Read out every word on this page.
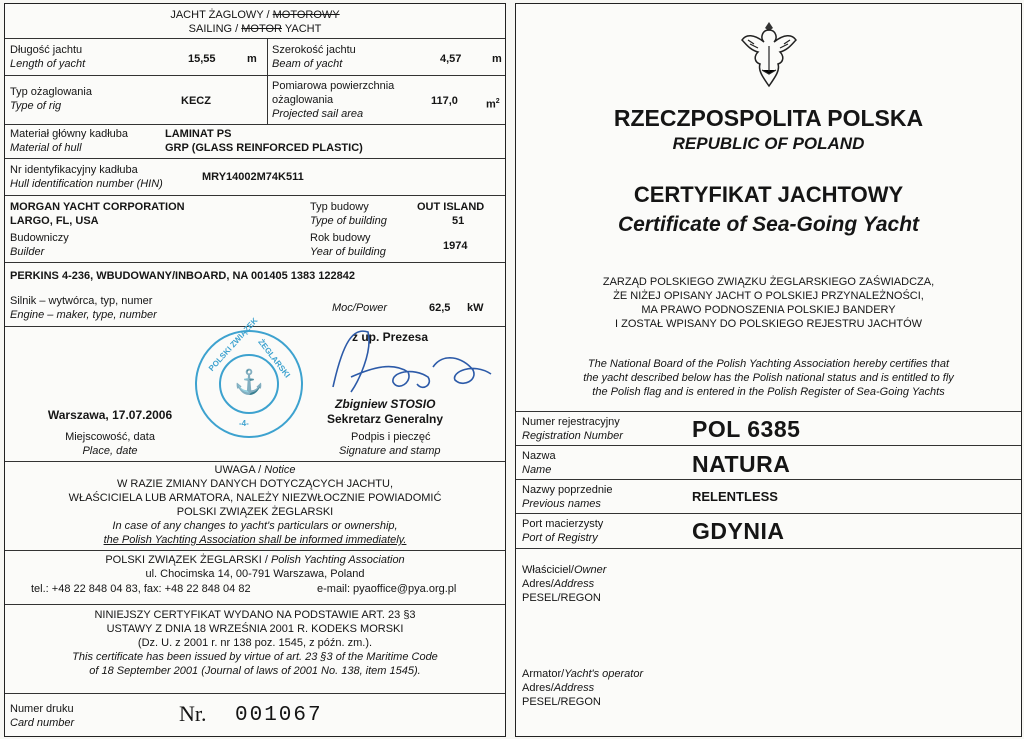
JACHT ŻAGLOWY / MOTOROWY
SAILING / MOTOR YACHT
Długość jachtu
Length of yacht	15,55	m
Szerokość jachtu
Beam of yacht	4,57	m
Typ ożaglowania
Type of rig	KECZ
Pomiarowa powierzchnia
ożaglowania
Projected sail area
117,0	$m^2$
Materiał główny kadłuba
Material of hull
LAMINAT PS
GRP (GLASS REINFORCED PLASTIC)
Nr identyfikacyjny kadłuba
Hull identification number (HIN)
MRY14002M74K511
MORGAN YACHT CORPORATION
LARGO, FL, USA
Budowniczy
Builder
Typ budowy
Type of building
OUT ISLAND
51
Rok budowy
Year of building	1974
PERKINS 4-236, WBUDOWANY/INBOARD, NA 001405 1383 122842
Silnik – wytwórca, typ, numer
Engine – maker, type, number
Moc/Power	62,5 kW
Warszawa, 17.07.2006
Miejscowość, data
Place, date
z up. Prezesa
Zbigniew STOSIO
Sekretarz Generalny
Podpis i pieczęć
Signature and stamp
POLSKI ZWIĄZEK
ŻEGLARSKI
-4-
⚓
UWAGA / Notice
W RAZIE ZMIANY DANYCH DOTYCZĄCYCH JACHTU,
WŁAŚCICIELA LUB ARMATORA, NALEŻY NIEZWŁOCZNIE POWIADOMIĆ
POLSKI ZWIĄZEK ŻEGLARSKI
In case of any changes to yacht's particulars or ownership,
the Polish Yachting Association shall be informed immediately.
POLSKI ZWIĄZEK ŻEGLARSKI / Polish Yachting Association
ul. Chocimska 14, 00-791 Warszawa, Poland
tel.: +48 22 848 04 83, fax: +48 22 848 04 82	e-mail: pyaoffice@pya.org.pl
NINIEJSZY CERTYFIKAT WYDANO NA PODSTAWIE ART. 23 §3
USTAWY Z DNIA 18 WRZEŚNIA 2001 R. KODEKS MORSKI
(Dz. U. z 2001 r. nr 138 poz. 1545, z późn. zm.).
This certificate has been issued by virtue of art. 23 §3 of the Maritime Code
of 18 September 2001 (Journal of laws of 2001 No. 138, item 1545).
Numer druku
Card number	Nr. 001067
RZECZPOSPOLITA POLSKA
REPUBLIC OF POLAND
CERTYFIKAT JACHTOWY
Certificate of Sea-Going Yacht
ZARZĄD POLSKIEGO ZWIĄZKU ŻEGLARSKIEGO ZAŚWIADCZA,
ŻE NIŻEJ OPISANY JACHT O POLSKIEJ PRZYNALEŻNOŚCI,
MA PRAWO PODNOSZENIA POLSKIEJ BANDERY
I ZOSTAŁ WPISANY DO POLSKIEGO REJESTRU JACHTÓW
The National Board of the Polish Yachting Association hereby certifies that
the yacht described below has the Polish national status and is entitled to fly
the Polish flag and is entered in the Polish Register of Sea-Going Yachts
Numer rejestracyjny
Registration Number	POL 6385
Nazwa
Name	NATURA
Nazwy poprzednie
Previous names	RELENTLESS
Port macierzysty
Port of Registry	GDYNIA
Właściciel/Owner
Adres/Address
PESEL/REGON
Armator/Yacht's operator
Adres/Address
PESEL/REGON
